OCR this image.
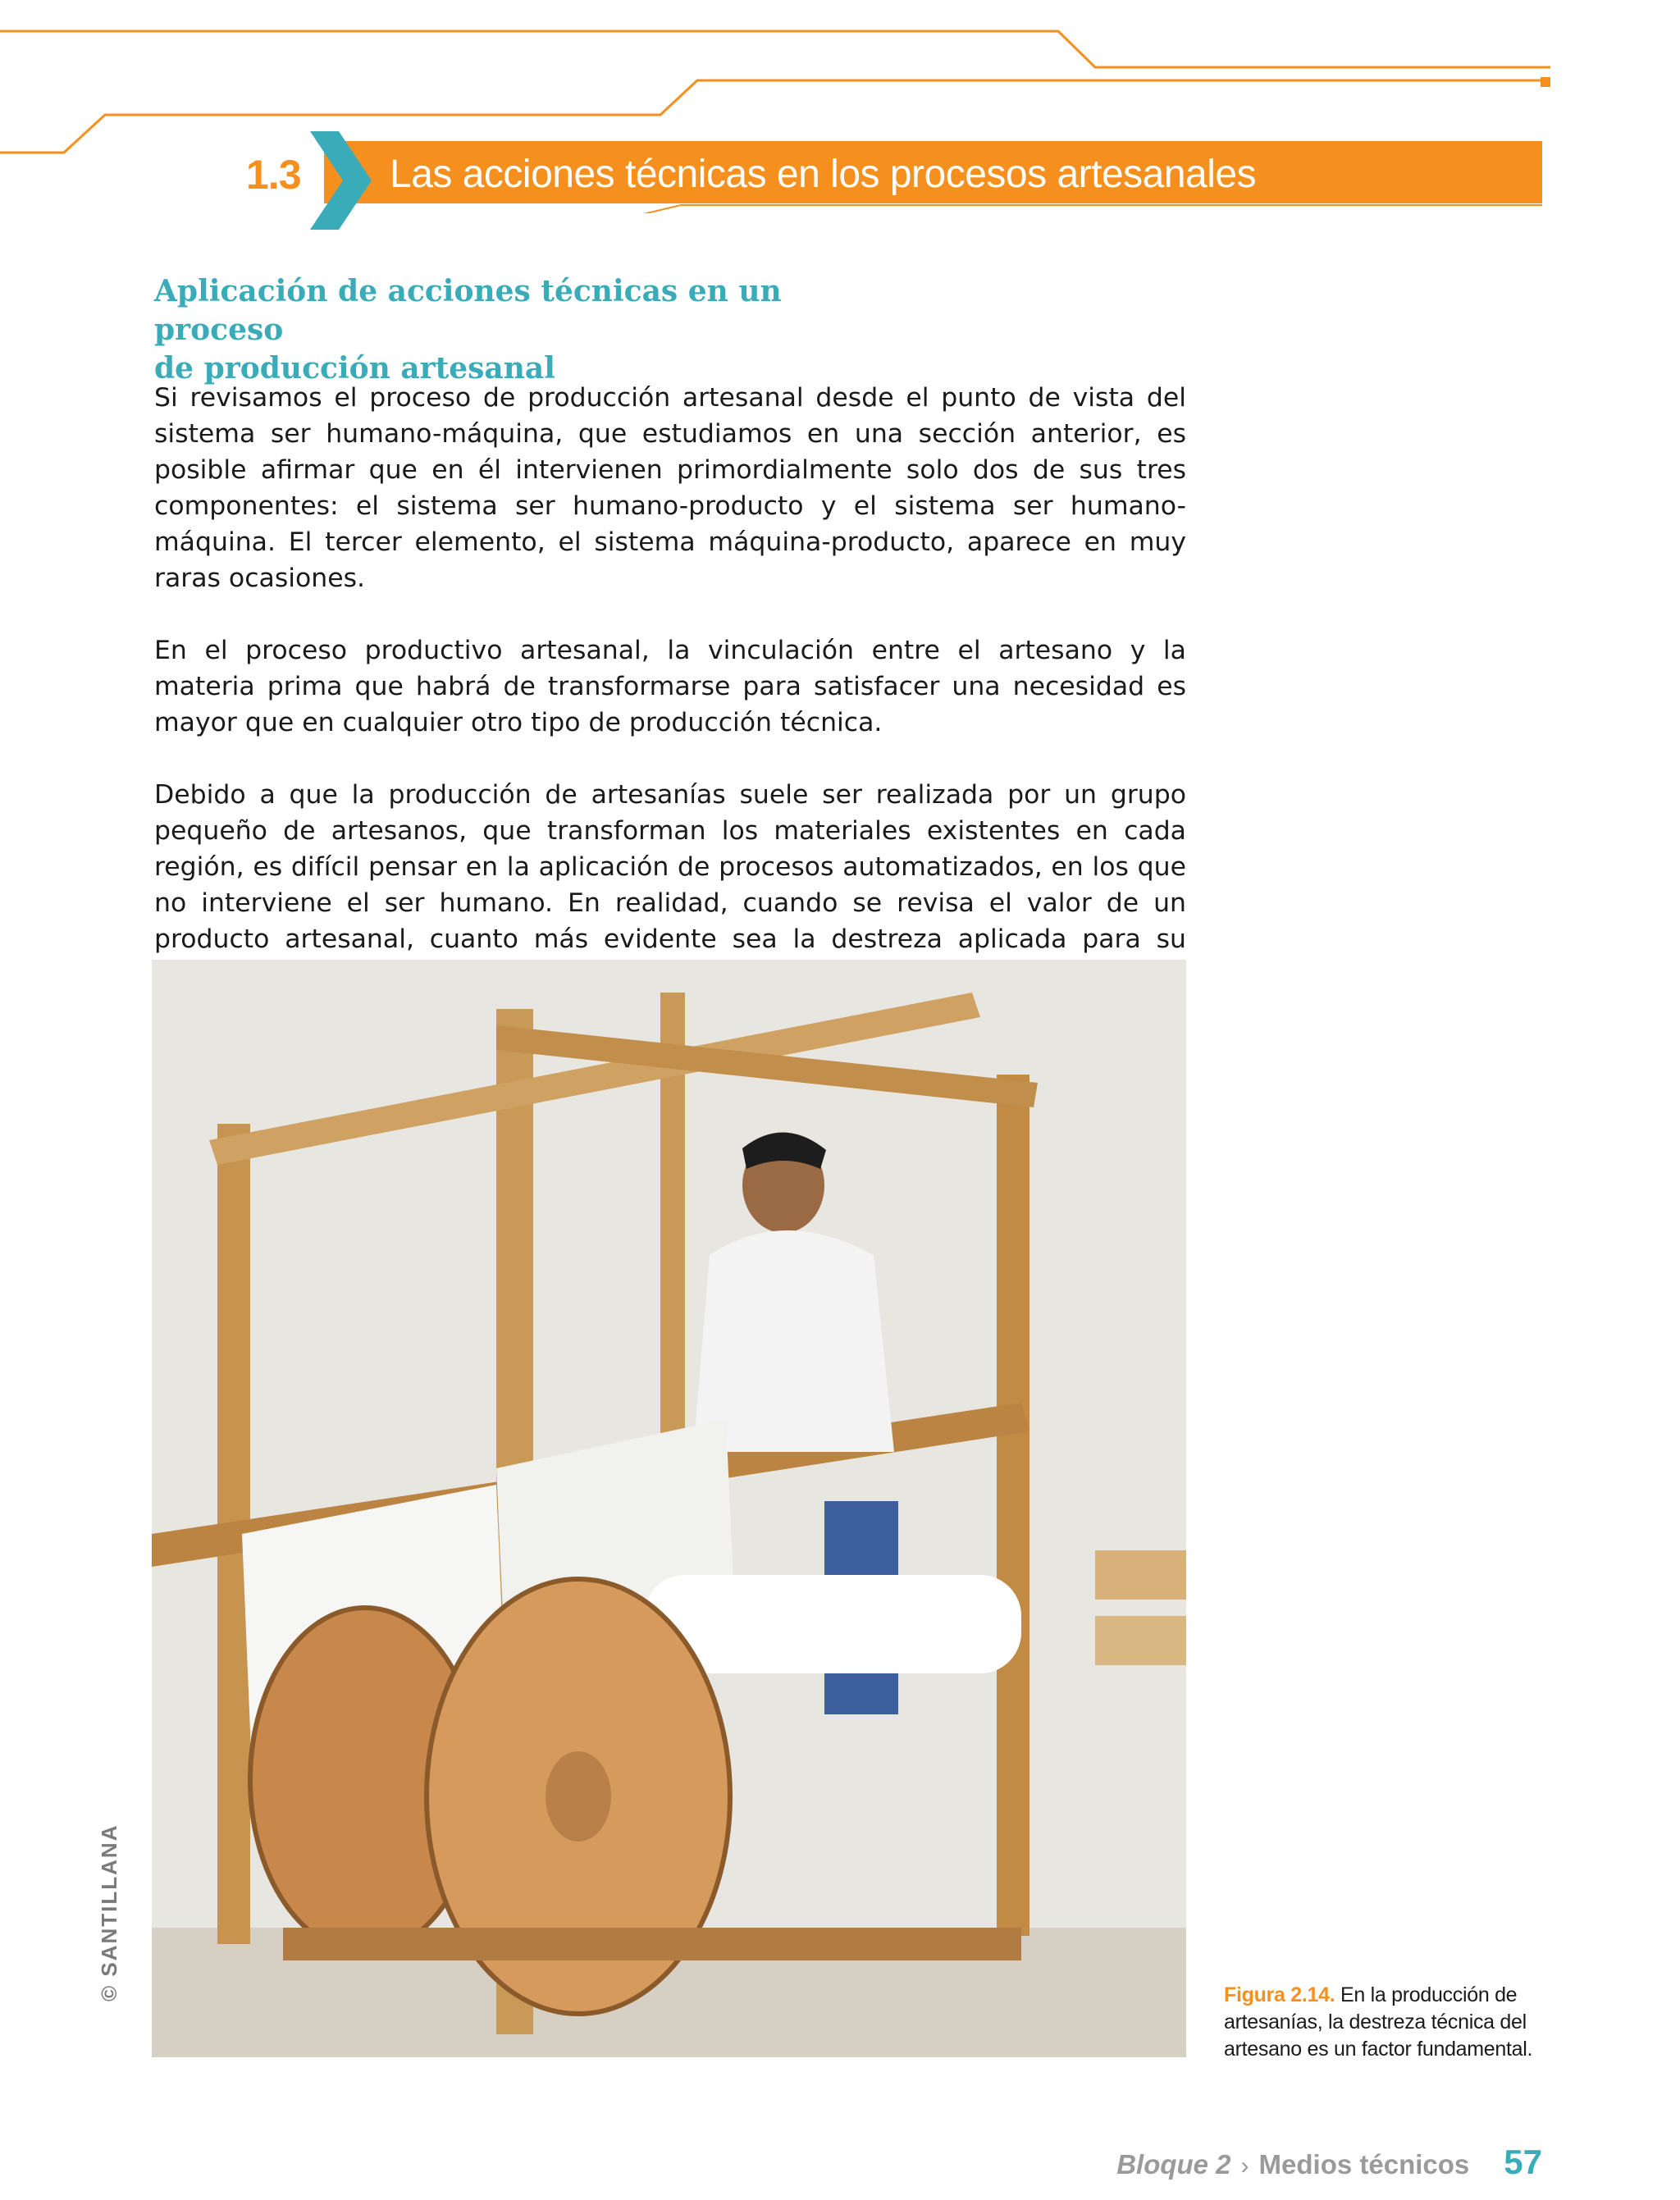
1.3 Las acciones técnicas en los procesos artesanales
Aplicación de acciones técnicas en un proceso
de producción artesanal

Si revisamos el proceso de producción artesanal desde el punto de vista del sistema ser humano-máquina, que estudiamos en una sección anterior, es posible afirmar que en él intervienen primordialmente solo dos de sus tres componentes: el sistema ser humano-producto y el sistema ser humano-máquina. El tercer elemento, el sistema máquina-producto, aparece en muy raras ocasiones.

En el proceso productivo artesanal, la vinculación entre el artesano y la materia prima que habrá de transformarse para satisfacer una necesidad es mayor que en cualquier otro tipo de producción técnica.

Debido a que la producción de artesanías suele ser realizada por un grupo pequeño de artesanos, que transforman los materiales existentes en cada región, es difícil pensar en la aplicación de procesos automatizados, en los que no interviene el ser humano. En realidad, cuando se revisa el valor de un producto artesanal, cuanto más evidente sea la destreza aplicada para su

© SANTILLANA	Figura 2.14. En la producción de artesanías, la destreza técnica del artesano es un factor fundamental.
Bloque 2 › Medios técnicos 57
